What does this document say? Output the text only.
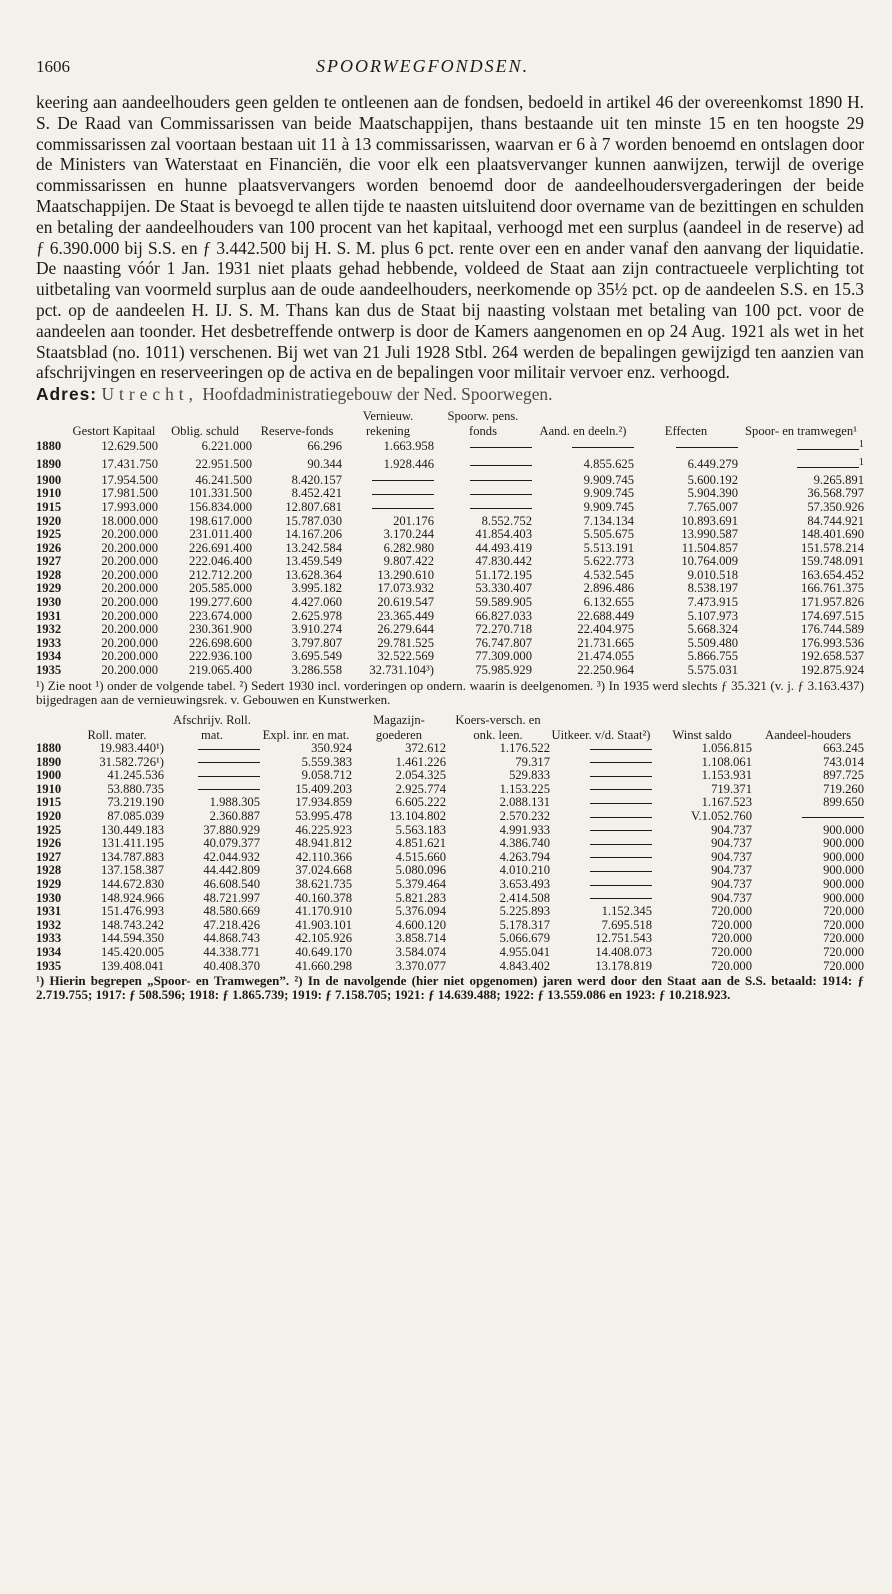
1606	SPOORWEGFONDSEN.

keering aan aandeelhouders geen gelden te ontleenen aan de fondsen, bedoeld in artikel 46 der overeenkomst 1890 H. S. De Raad van Commissarissen van beide Maatschappijen, thans bestaande uit ten minste 15 en ten hoogste 29 commissarissen zal voortaan bestaan uit 11 à 13 commissarissen, waarvan er 6 à 7 worden benoemd en ontslagen door de Ministers van Waterstaat en Financiën, die voor elk een plaatsvervanger kunnen aanwijzen, terwijl de overige commissarissen en hunne plaatsvervangers worden benoemd door de aandeelhoudersvergaderingen der beide Maatschappijen. De Staat is bevoegd te allen tijde te naasten uitsluitend door overname van de bezittingen en schulden en betaling der aandeelhouders van 100 procent van het kapitaal, verhoogd met een surplus (aandeel in de reserve) ad ƒ 6.390.000 bij S.S. en ƒ 3.442.500 bij H. S. M. plus 6 pct. rente over een en ander vanaf den aanvang der liquidatie. De naasting vóór 1 Jan. 1931 niet plaats gehad hebbende, voldeed de Staat aan zijn contractueele verplichting tot uitbetaling van voormeld surplus aan de oude aandeelhouders, neerkomende op 35½ pct. op de aandeelen S.S. en 15.3 pct. op de aandeelen H. IJ. S. M. Thans kan dus de Staat bij naasting volstaan met betaling van 100 pct. voor de aandeelen aan toonder. Het desbetreffende ontwerp is door de Kamers aangenomen en op 24 Aug. 1921 als wet in het Staatsblad (no. 1011) verschenen. Bij wet van 21 Juli 1928 Stbl. 264 werden de bepalingen gewijzigd ten aanzien van afschrijvingen en reserveeringen op de activa en de bepalingen voor militair vervoer enz. verhoogd.

Adres: Utrecht, Hoofdadministratiegebouw der Ned. Spoorwegen.
	Gestort Kapitaal	Oblig. schuld	Reserve-fonds	Vernieuw. rekening	Spoorw. pens. fonds	Aand. en deeln.²)	Effecten	Spoor- en tramwegen¹
1880	12.629.500	6.221.000	66.296	1.663.958				$^1$
1890	17.431.750	22.951.500	90.344	1.928.446		4.855.625	6.449.279	$^1$
1900	17.954.500	46.241.500	8.420.157			9.909.745	5.600.192	9.265.891
1910	17.981.500	101.331.500	8.452.421			9.909.745	5.904.390	36.568.797
1915	17.993.000	156.834.000	12.807.681			9.909.745	7.765.007	57.350.926
1920	18.000.000	198.617.000	15.787.030	201.176	8.552.752	7.134.134	10.893.691	84.744.921
1925	20.200.000	231.011.400	14.167.206	3.170.244	41.854.403	5.505.675	13.990.587	148.401.690
1926	20.200.000	226.691.400	13.242.584	6.282.980	44.493.419	5.513.191	11.504.857	151.578.214
1927	20.200.000	222.046.400	13.459.549	9.807.422	47.830.442	5.622.773	10.764.009	159.748.091
1928	20.200.000	212.712.200	13.628.364	13.290.610	51.172.195	4.532.545	9.010.518	163.654.452
1929	20.200.000	205.585.000	3.995.182	17.073.932	53.330.407	2.896.486	8.538.197	166.761.375
1930	20.200.000	199.277.600	4.427.060	20.619.547	59.589.905	6.132.655	7.473.915	171.957.826
1931	20.200.000	223.674.000	2.625.978	23.365.449	66.827.033	22.688.449	5.107.973	174.697.515
1932	20.200.000	230.361.900	3.910.274	26.279.644	72.270.718	22.404.975	5.668.324	176.744.589
1933	20.200.000	226.698.600	3.797.807	29.781.525	76.747.807	21.731.665	5.509.480	176.993.536
1934	20.200.000	222.936.100	3.695.549	32.522.569	77.309.000	21.474.055	5.866.755	192.658.537
1935	20.200.000	219.065.400	3.286.558	32.731.104³)	75.985.929	22.250.964	5.575.031	192.875.924

¹) Zie noot ¹) onder de volgende tabel. ²) Sedert 1930 incl. vorderingen op ondern. waarin is deelgenomen. ³) In 1935 werd slechts ƒ 35.321 (v. j. ƒ 3.163.437) bijgedragen aan de vernieuwingsrek. v. Gebouwen en Kunstwerken.

	Roll. mater.	Afschrijv. Roll. mat.	Expl. inr. en mat.	Magazijn-goederen	Koers-versch. en onk. leen.	Uitkeer. v/d. Staat²)	Winst saldo	Aandeel-houders
1880	19.983.440¹)		350.924	372.612	1.176.522		1.056.815	663.245
1890	31.582.726¹)		5.559.383	1.461.226	79.317		1.108.061	743.014
1900	41.245.536		9.058.712	2.054.325	529.833		1.153.931	897.725
1910	53.880.735		15.409.203	2.925.774	1.153.225		719.371	719.260
1915	73.219.190	1.988.305	17.934.859	6.605.222	2.088.131		1.167.523	899.650
1920	87.085.039	2.360.887	53.995.478	13.104.802	2.570.232		V.1.052.760	
1925	130.449.183	37.880.929	46.225.923	5.563.183	4.991.933		904.737	900.000
1926	131.411.195	40.079.377	48.941.812	4.851.621	4.386.740		904.737	900.000
1927	134.787.883	42.044.932	42.110.366	4.515.660	4.263.794		904.737	900.000
1928	137.158.387	44.442.809	37.024.668	5.080.096	4.010.210		904.737	900.000
1929	144.672.830	46.608.540	38.621.735	5.379.464	3.653.493		904.737	900.000
1930	148.924.966	48.721.997	40.160.378	5.821.283	2.414.508		904.737	900.000
1931	151.476.993	48.580.669	41.170.910	5.376.094	5.225.893	1.152.345	720.000	720.000
1932	148.743.242	47.218.426	41.903.101	4.600.120	5.178.317	7.695.518	720.000	720.000
1933	144.594.350	44.868.743	42.105.926	3.858.714	5.066.679	12.751.543	720.000	720.000
1934	145.420.005	44.338.771	40.649.170	3.584.074	4.955.041	14.408.073	720.000	720.000
1935	139.408.041	40.408.370	41.660.298	3.370.077	4.843.402	13.178.819	720.000	720.000

¹) Hierin begrepen „Spoor- en Tramwegen”. ²) In de navolgende (hier niet opgenomen) jaren werd door den Staat aan de S.S. betaald: 1914: ƒ 2.719.755; 1917: ƒ 508.596; 1918: ƒ 1.865.739; 1919: ƒ 7.158.705; 1921: ƒ 14.639.488; 1922: ƒ 13.559.086 en 1923: ƒ 10.218.923.
